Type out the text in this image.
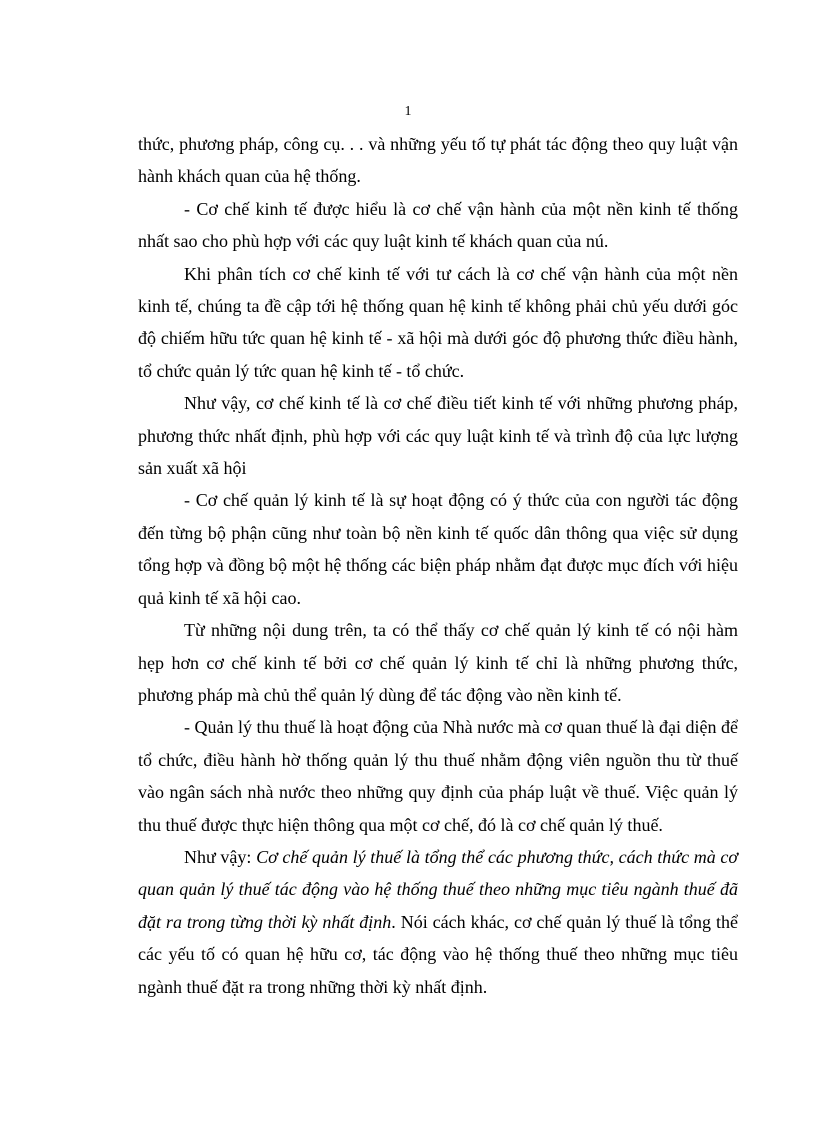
1

thức, phương pháp, công cụ. . . và những yếu tố tự phát tác động theo quy luật vận hành khách quan của hệ thống.

- Cơ chế kinh tế được hiểu là cơ chế vận hành của một nền kinh tế thống nhất sao cho phù hợp với các quy luật kinh tế khách quan của nú.

Khi phân tích cơ chế kinh tế với tư cách là cơ chế vận hành của một nền kinh tế, chúng ta đề cập tới hệ thống quan hệ kinh tế không phải chủ yếu dưới góc độ chiếm hữu tức quan hệ kinh tế - xã hội mà dưới góc độ phương thức điều hành, tổ chức quản lý tức quan hệ kinh tế - tổ chức.

Như vậy, cơ chế kinh tế là cơ chế điều tiết kinh tế với những phương pháp, phương thức nhất định, phù hợp với các quy luật kinh tế và trình độ của lực lượng sản xuất xã hội

- Cơ chế quản lý kinh tế là sự hoạt động có ý thức của con người tác động đến từng bộ phận cũng như toàn bộ nền kinh tế quốc dân thông qua việc sử dụng tổng hợp và đồng bộ một hệ thống các biện pháp nhằm đạt được mục đích với hiệu quả kinh tế xã hội cao.

Từ những nội dung trên, ta có thể thấy cơ chế quản lý kinh tế có nội hàm hẹp hơn cơ chế kinh tế bởi cơ chế quản lý kinh tế chỉ là những phương thức, phương pháp mà chủ thể quản lý dùng để tác động vào nền kinh tế.

- Quản lý thu thuế là hoạt động của Nhà nước mà cơ quan thuế là đại diện để tổ chức, điều hành hờ thống quản lý thu thuế nhằm động viên nguồn thu từ thuế vào ngân sách nhà nước theo những quy định của pháp luật về thuế. Việc quản lý thu thuế được thực hiện thông qua một cơ chế, đó là cơ chế quản lý thuế.

Như vậy: Cơ chế quản lý thuế là tổng thể các phương thức, cách thức mà cơ quan quản lý thuế tác động vào hệ thống thuế theo những mục tiêu ngành thuế đã đặt ra trong từng thời kỳ nhất định. Nói cách khác, cơ chế quản lý thuế là tổng thể các yếu tố có quan hệ hữu cơ, tác động vào hệ thống thuế theo những mục tiêu ngành thuế đặt ra trong những thời kỳ nhất định.
